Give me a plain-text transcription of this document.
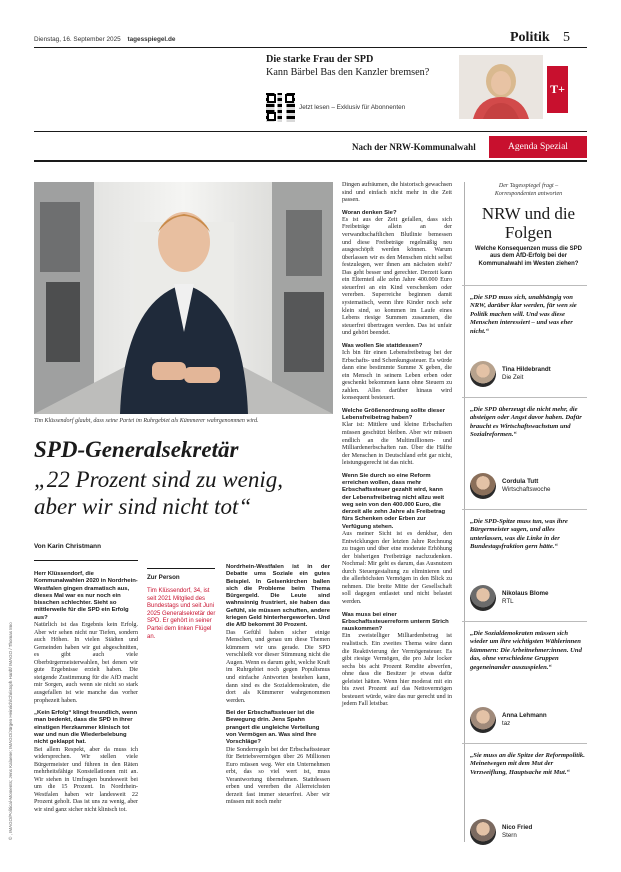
Dienstag, 16. September 2025 tagesspiegel.de	Politik 5
Die starke Frau der SPD
Kann Bärbel Bas den Kanzler bremsen?
Jetzt lesen – Exklusiv für Abonnenten
T+
Nach der NRW-Kommunalwahl	Agenda Spezial
Tim Klüssendorf glaubt, dass seine Partei im Ruhrgebiet als Kümmerer wahrgenommen wird.
SPD-Generalsekretär
„22 Prozent sind zu wenig,
aber wir sind nicht tot“
Von Karin Christmann
Herr Klüssendorf, die Kommunalwahlen 2020 in Nordrhein-Westfalen gingen dramatisch aus, dieses Mal war es nur noch ein bisschen schlechter. Sieht so mittlerweile für die SPD ein Erfolg aus?
Natürlich ist das Ergebnis kein Erfolg. Aber wir sehen nicht nur Tiefen, sondern auch Höhen. In vielen Städten und Gemeinden haben wir gut abgeschnitten, es gibt auch viele Oberbürgermeisterwahlen, bei denen wir gute Ergebnisse erzielt haben. Die steigende Zustimmung für die AfD macht mir Sorgen, auch wenn sie nicht so stark ausgefallen ist wie manche das vorher prophezeit haben.
„Kein Erfolg“ klingt freundlich, wenn man bedenkt, dass die SPD in ihrer einstigen Herzkammer klinisch tot war und nun die Wiederbelebung nicht geklappt hat.
Bei allem Respekt, aber da muss ich widersprechen. Wir stellen viele Bürgermeister und führen in den Räten mehrheitsfähige Konstellationen mit an. Wir stehen in Umfragen bundesweit bei um die 15 Prozent. In Nordrhein-Westfalen haben wir landesweit 22 Prozent geholt. Das ist uns zu wenig, aber wir sind ganz sicher nicht klinisch tot.
Zur Person
Tim Klüssendorf, 34, ist seit 2021 Mitglied des Bundestags und seit Juni 2025 Generalsekretär der SPD. Er gehört in seiner Partei dem linken Flügel an.
Nordrhein-Westfalen ist in der Debatte ums Soziale ein gutes Beispiel. In Gelsenkirchen ballen sich die Probleme beim Thema Bürgergeld. Die Leute sind wahnsinnig frustriert, sie haben das Gefühl, sie müssen schuften, andere kriegen Geld hinterhergeworfen. Und die AfD bekommt 30 Prozent.
Das Gefühl haben sicher einige Menschen, und genau um diese Themen kümmern wir uns gerade. Die SPD verschließt vor dieser Stimmung nicht die Augen. Wenn es darum geht, welche Kraft im Ruhrgebiet noch gegen Populismus und einfache Antworten bestehen kann, dann sind es die Sozialdemokraten, die dort als Kümmerer wahrgenommen werden.
Bei der Erbschaftssteuer ist die Bewegung drin. Jens Spahn prangert die ungleiche Verteilung von Vermögen an. Was sind Ihre Vorschläge?
Die Sonderregeln bei der Erbschaftssteuer für Betriebsvermögen über 26 Millionen Euro müssen weg. Wer ein Unternehmen erbt, das so viel wert ist, muss Verantwortung übernehmen. Stattdessen erben und vererben die Allerreichsten derzeit fast immer steuerfrei. Aber wir müssen mit noch mehr
Dingen aufräumen, die historisch gewachsen sind und einfach nicht mehr in die Zeit passen.
Woran denken Sie?
Es ist aus der Zeit gefallen, dass sich Freibeträge allein an der verwandtschaftlichen Blutlinie bemessen und diese Freibeträge regelmäßig neu ausgeschöpft werden können. Warum überlassen wir es den Menschen nicht selbst festzulegen, wer ihnen am nächsten steht? Das geht besser und gerechter. Derzeit kann ein Elternteil alle zehn Jahre 400.000 Euro steuerfrei an ein Kind verschenken oder vererben. Superreiche beginnen damit systematisch, wenn ihre Kinder noch sehr klein sind, so kommen im Laufe eines Lebens riesige Summen zusammen, die steuerfrei übertragen werden. Das ist unfair und gehört beendet.
Was wollen Sie stattdessen?
Ich bin für einen Lebensfreibetrag bei der Erbschafts- und Schenkungssteuer. Es würde dann eine bestimmte Summe X geben, die ein Mensch in seinem Leben erben oder geschenkt bekommen kann ohne Steuern zu zahlen. Alles darüber hinaus wird konsequent besteuert.
Welche Größenordnung sollte dieser Lebensfreibetrag haben?
Klar ist: Mittlere und kleine Erbschaften müssen geschützt bleiben. Aber wir müssen endlich an die Multimillionen- und Milliardenerbschaften ran. Über die Hälfte der Menschen in Deutschland erbt gar nicht, leistungsgerecht ist das nicht.
Wenn Sie durch so eine Reform erreichen wollen, dass mehr Erbschaftssteuer gezahlt wird, kann der Lebensfreibetrag nicht allzu weit weg sein von den 400.000 Euro, die derzeit alle zehn Jahre als Freibetrag fürs Schenken oder Erben zur Verfügung stehen.
Aus meiner Sicht ist es denkbar, den Entwicklungen der letzten Jahre Rechnung zu tragen und über eine moderate Erhöhung der bisherigen Freibeträge nachzudenken. Nochmal: Mir geht es darum, das Ausnutzen durch Steuergestaltung zu eliminieren und die allerhöchsten Vermögen in den Blick zu nehmen. Die breite Mitte der Gesellschaft soll dagegen entlastet und nicht belastet werden.
Was muss bei einer Erbschaftssteuerreform unterm Strich rauskommen?
Ein zweistelliger Milliardenbetrag ist realistisch. Ein zweites Thema wäre dann die Reaktivierung der Vermögensteuer. Es gibt riesige Vermögen, die pro Jahr locker sechs bis acht Prozent Rendite abwerfen, ohne dass die Besitzer je etwas dafür geleistet hätten. Wenn hier moderat mit ein bis zwei Prozent auf das Nettovermögen besteuert würde, wäre das nur gerecht und in jedem Fall leistbar.
Der Tagesspiegel fragt –
Korrespondenten antworten
NRW und die
Folgen
Welche Konsequenzen muss die SPD aus dem AfD-Erfolg bei der Kommunalwahl im Westen ziehen?
„Die SPD muss sich, unabhängig von NRW, darüber klar werden, für wen sie Politik machen will. Und was diese Menschen interessiert – und was eher nicht.“
Tina Hildebrandt
Die Zeit
„Die SPD überzeugt die nicht mehr, die absteigen oder Angst davor haben. Dafür braucht es Wirtschaftswachstum und Sozialreformen.“
Cordula Tutt
Wirtschaftswoche
„Die SPD-Spitze muss tun, was ihre Bürgermeister sagen, und alles unterlassen, was die Linke in der Bundestagsfraktion gern hätte.“
Nikolaus Blome
RTL
„Die Sozialdemokraten müssen sich wieder um ihre wichtigsten Wählerinnen kümmern: Die Arbeitnehmer:innen. Und das, ohne verschiedene Gruppen gegeneinander auszuspielen.“
Anna Lehmann
taz
„Sie muss an die Spitze der Reformpolitik. Meinetwegen mit dem Mut der Verzweiflung, Hauptsache mit Mut.“
Nico Fried
Stern
© , IMAGO/Political-Moments; Jens Kalaene; IMAGO/Jürgen Heinrich/Christoph Hardt/ IMAGO / Thomas Imo
